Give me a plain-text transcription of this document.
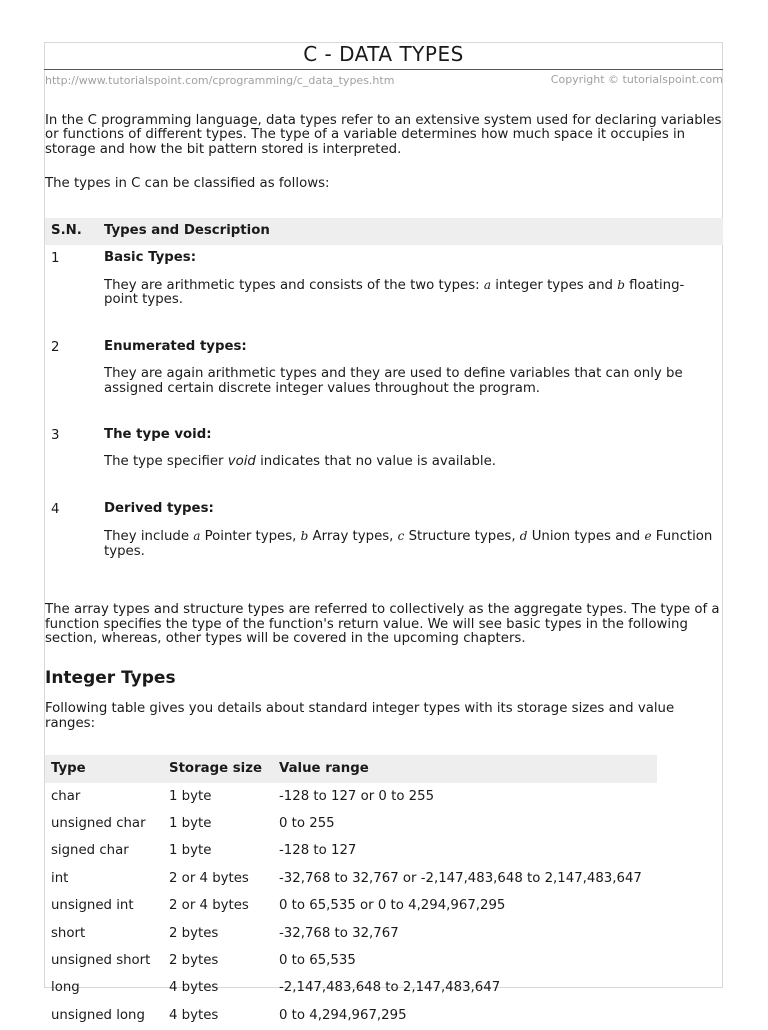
C - DATA TYPES
http://www.tutorialspoint.com/cprogramming/c_data_types.htm	Copyright © tutorialspoint.com

In the C programming language, data types refer to an extensive system used for declaring variables or functions of different types. The type of a variable determines how much space it occupies in storage and how the bit pattern stored is interpreted.

The types in C can be classified as follows:

S.N.	Types and Description
1	Basic Types:
They are arithmetic types and consists of the two types: a integer types and b floating-point types.

2	Enumerated types:
They are again arithmetic types and they are used to define variables that can only be assigned certain discrete integer values throughout the program.

3	The type void:
The type specifier void indicates that no value is available.

4	Derived types:
They include a Pointer types, b Array types, c Structure types, d Union types and e Function types.

The array types and structure types are referred to collectively as the aggregate types. The type of a function specifies the type of the function's return value. We will see basic types in the following section, whereas, other types will be covered in the upcoming chapters.

Integer Types

Following table gives you details about standard integer types with its storage sizes and value ranges:

Type	Storage size	Value range
char	1 byte	-128 to 127 or 0 to 255
unsigned char	1 byte	0 to 255
signed char	1 byte	-128 to 127
int	2 or 4 bytes	-32,768 to 32,767 or -2,147,483,648 to 2,147,483,647
unsigned int	2 or 4 bytes	0 to 65,535 or 0 to 4,294,967,295
short	2 bytes	-32,768 to 32,767
unsigned short	2 bytes	0 to 65,535
long	4 bytes	-2,147,483,648 to 2,147,483,647
unsigned long	4 bytes	0 to 4,294,967,295
